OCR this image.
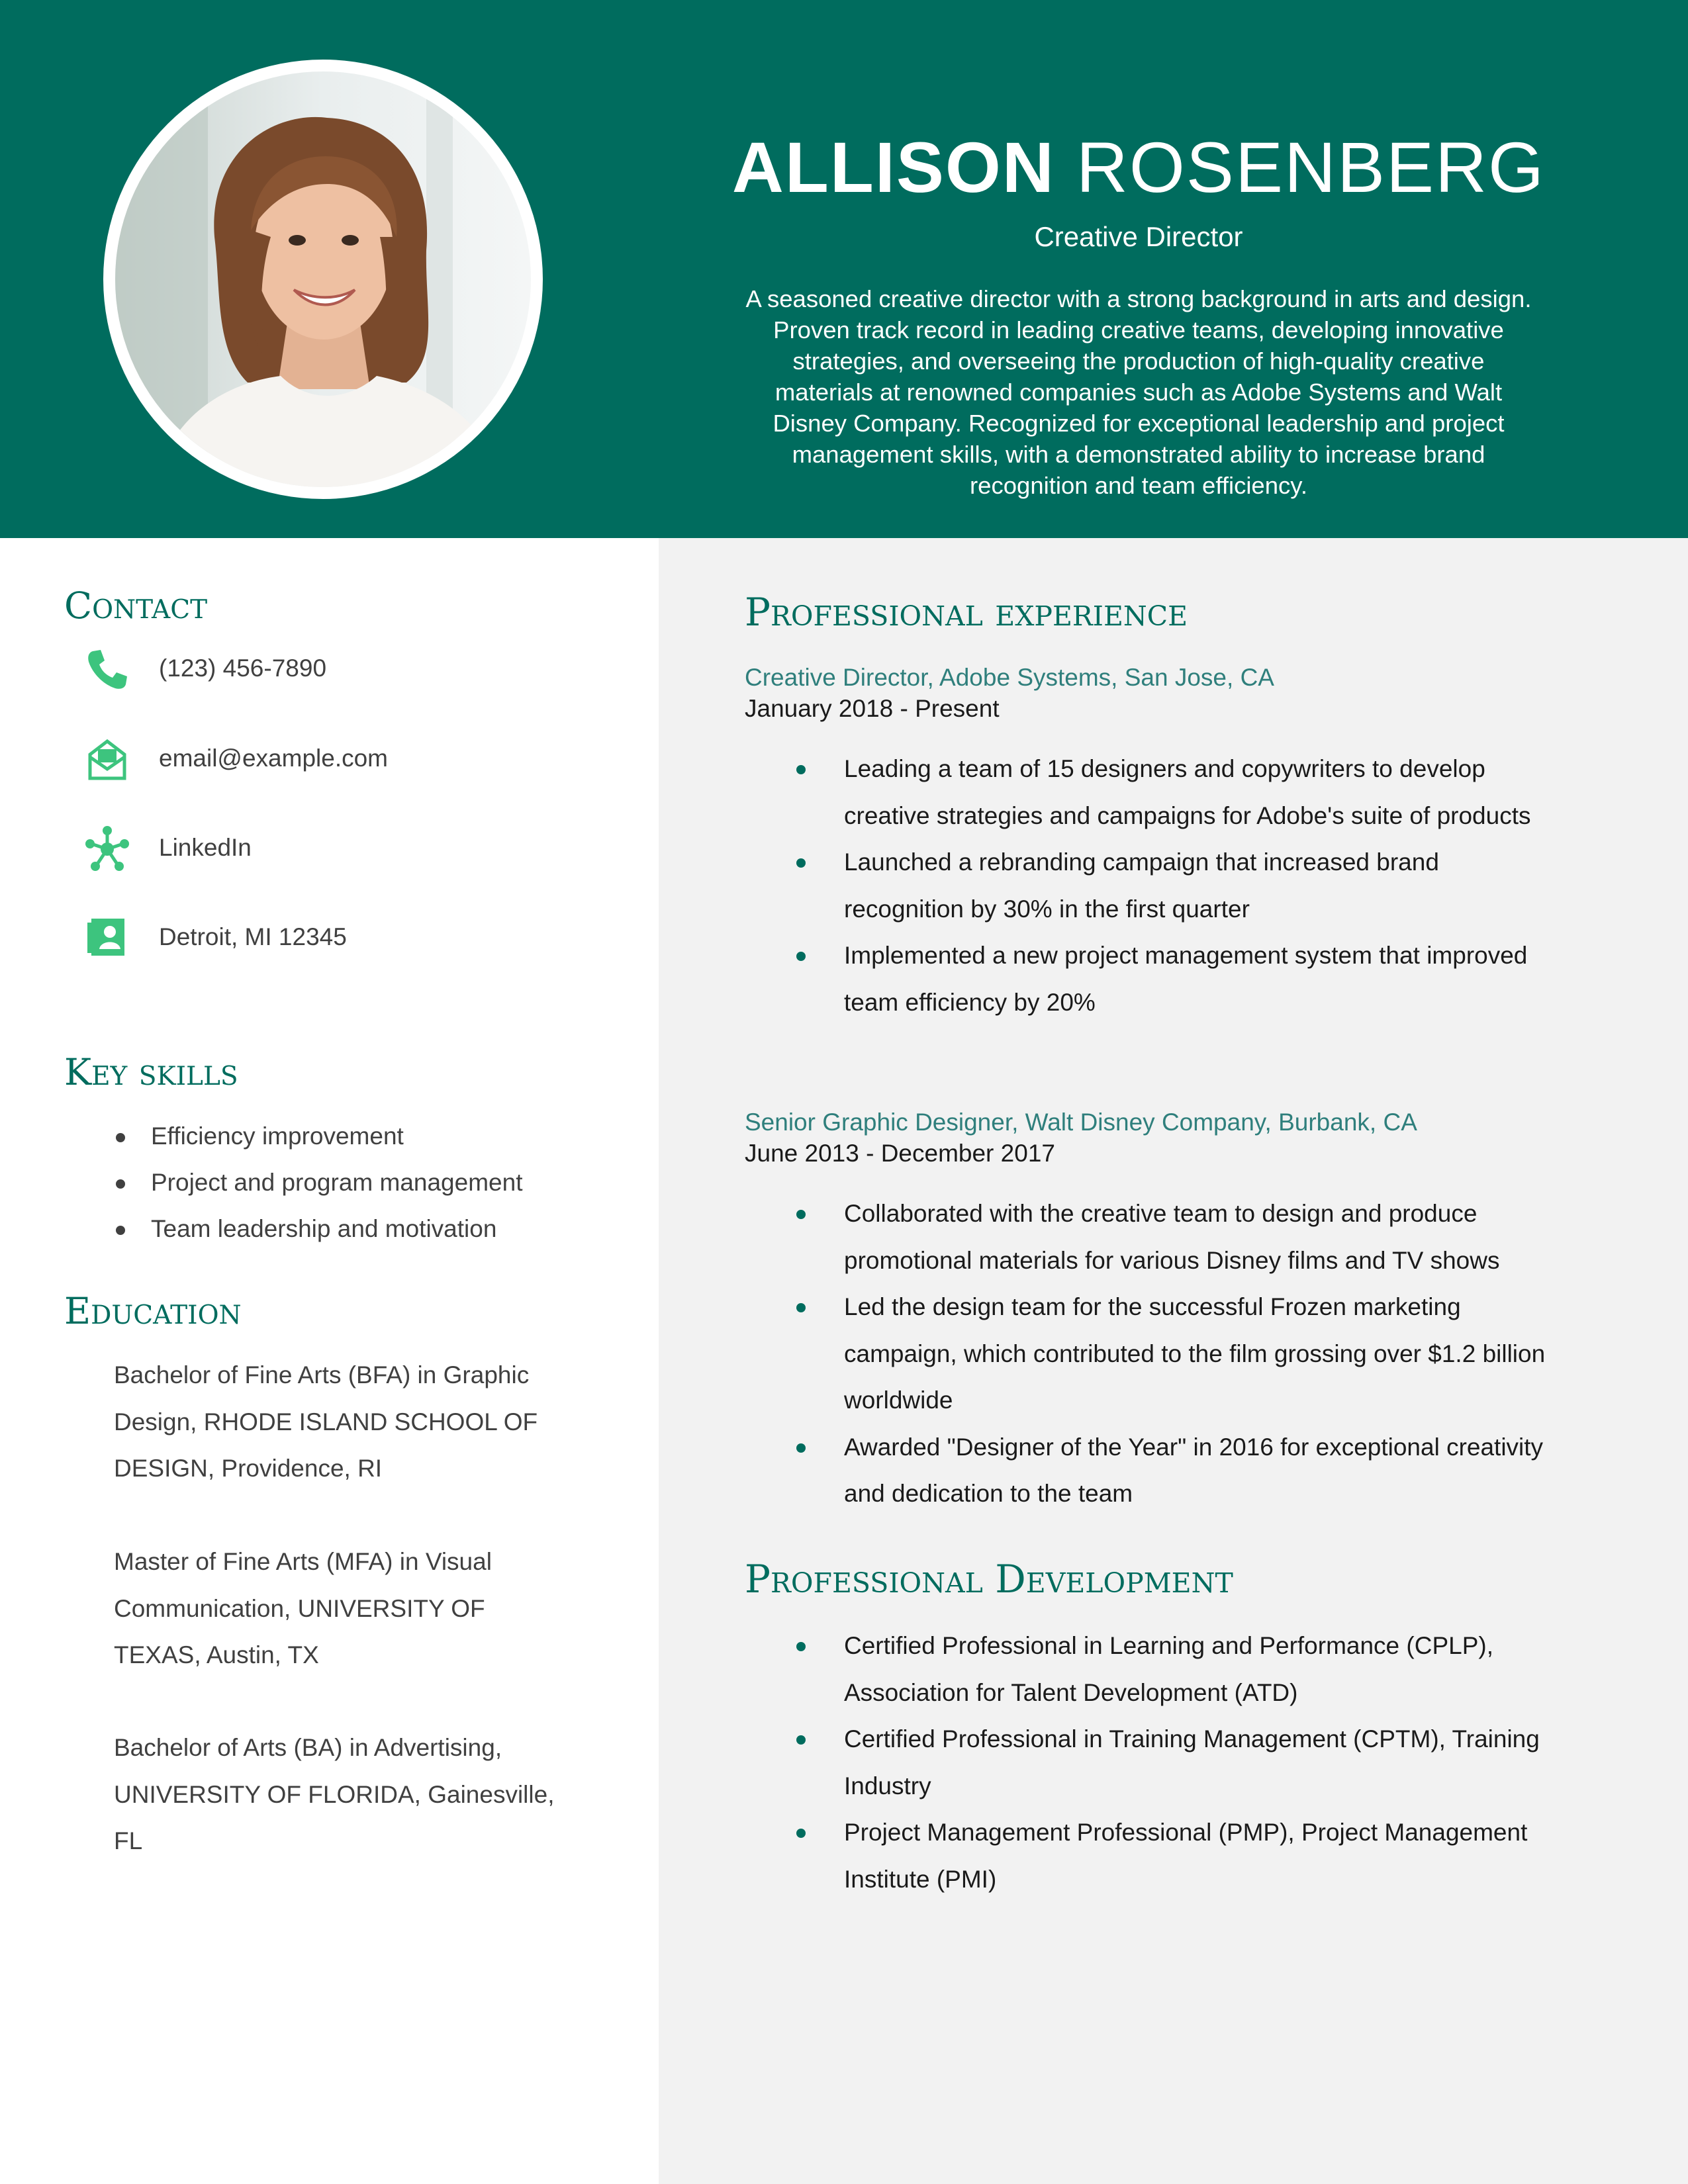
ALLISON ROSENBERG
Creative Director
A seasoned creative director with a strong background in arts and design. Proven track record in leading creative teams, developing innovative strategies, and overseeing the production of high-quality creative materials at renowned companies such as Adobe Systems and Walt Disney Company. Recognized for exceptional leadership and project management skills, with a demonstrated ability to increase brand recognition and team efficiency.
Contact
(123) 456-7890
email@example.com
LinkedIn
Detroit, MI 12345
Key skills
Efficiency improvement
Project and program management
Team leadership and motivation
Education
Bachelor of Fine Arts (BFA) in Graphic Design, RHODE ISLAND SCHOOL OF DESIGN, Providence, RI
Master of Fine Arts (MFA) in Visual Communication, UNIVERSITY OF TEXAS, Austin, TX
Bachelor of Arts (BA) in Advertising, UNIVERSITY OF FLORIDA, Gainesville, FL
Professional experience
Creative Director, Adobe Systems, San Jose, CA
January 2018 - Present
Leading a team of 15 designers and copywriters to develop creative strategies and campaigns for Adobe's suite of products
Launched a rebranding campaign that increased brand recognition by 30% in the first quarter
Implemented a new project management system that improved team efficiency by 20%
Senior Graphic Designer, Walt Disney Company, Burbank, CA
June 2013 - December 2017
Collaborated with the creative team to design and produce promotional materials for various Disney films and TV shows
Led the design team for the successful Frozen marketing campaign, which contributed to the film grossing over $1.2 billion worldwide
Awarded "Designer of the Year" in 2016 for exceptional creativity and dedication to the team
Professional Development
Certified Professional in Learning and Performance (CPLP), Association for Talent Development (ATD)
Certified Professional in Training Management (CPTM), Training Industry
Project Management Professional (PMP), Project Management Institute (PMI)
